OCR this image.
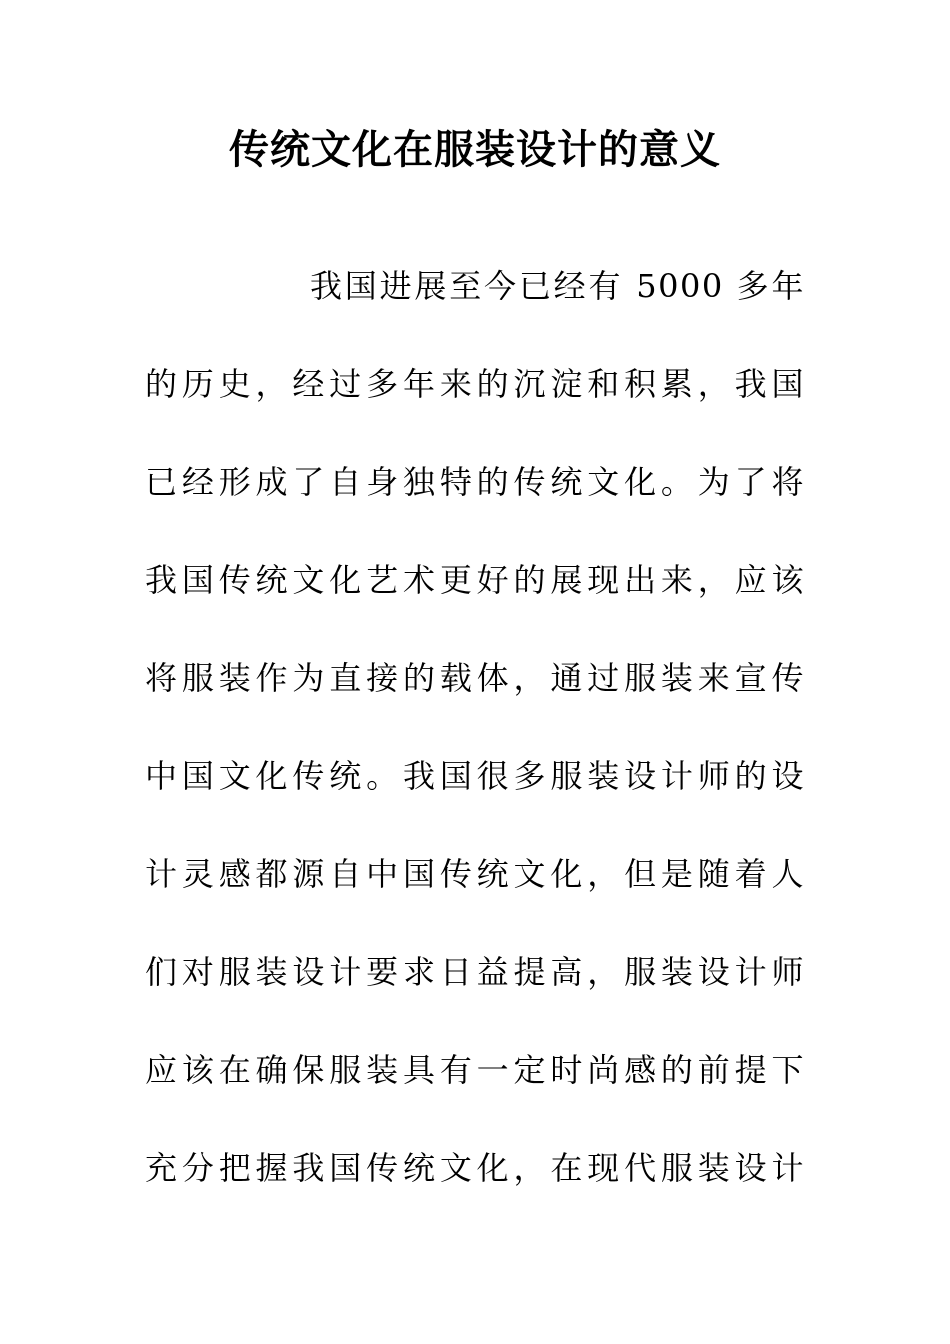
传统文化在服装设计的意义
我国进展至今已经有 5000 多年
的历史，经过多年来的沉淀和积累，我国
已经形成了自身独特的传统文化。为了将
我国传统文化艺术更好的展现出来，应该
将服装作为直接的载体，通过服装来宣传
中国文化传统。我国很多服装设计师的设
计灵感都源自中国传统文化，但是随着人
们对服装设计要求日益提高，服装设计师
应该在确保服装具有一定时尚感的前提下
充分把握我国传统文化，在现代服装设计
